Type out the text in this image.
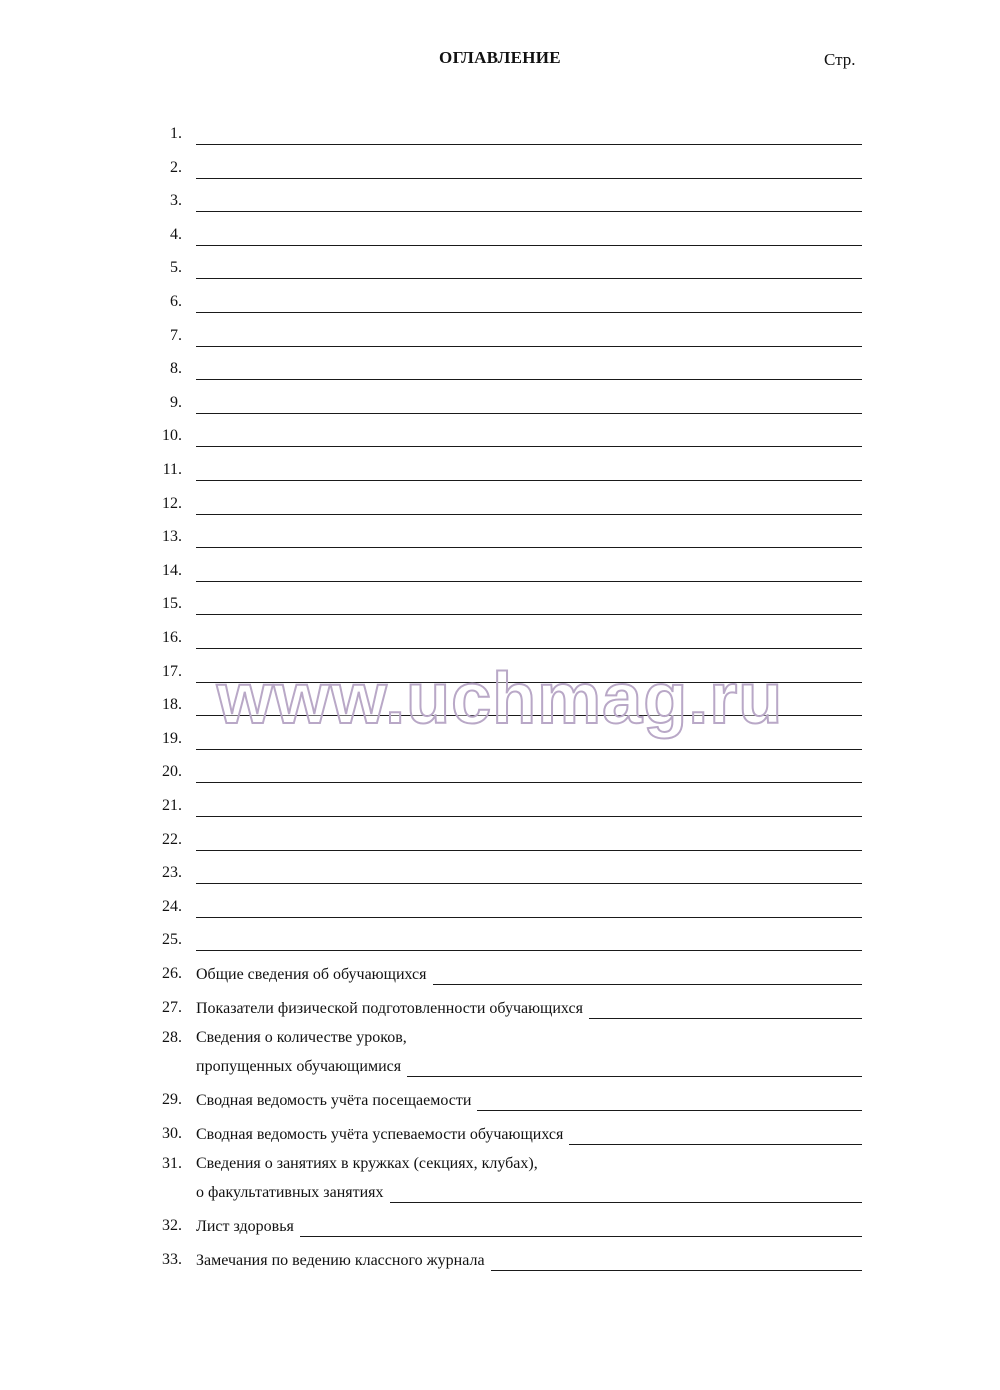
ОГЛАВЛЕНИЕ	Стр.
1.
2.
3.
4.
5.
6.
7.
8.
9.
10.
11.
12.
13.
14.
15.
16.
17.
18.
19.
20.
21.
22.
23.
24.
25.
26. Общие сведения об обучающихся
27. Показатели физической подготовленности обучающихся
Сведения о количестве уроков,
28.
пропущенных обучающимися
29. Сводная ведомость учёта посещаемости
30. Сводная ведомость учёта успеваемости обучающихся
Сведения о занятиях в кружках (секциях, клубах),
31.
о факультативных занятиях
32. Лист здоровья
33. Замечания по ведению классного журнала
www.uchmag.ru
